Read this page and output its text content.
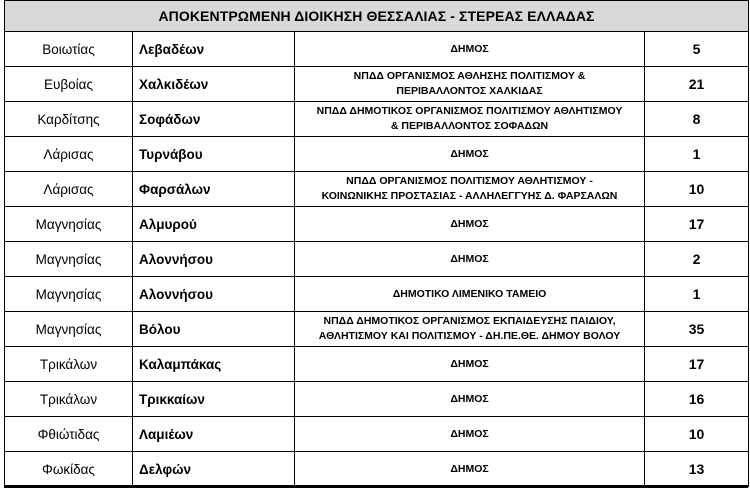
ΑΠΟΚΕΝΤΡΩΜΕΝΗ ΔΙΟΙΚΗΣΗ ΘΕΣΣΑΛΙΑΣ - ΣΤΕΡΕΑΣ ΕΛΛΑΔΑΣ			
Βοιωτίας	Λεβαδέων	ΔΗΜΟΣ	5
Ευβοίας	Χαλκιδέων	ΝΠΔΔ ΟΡΓΑΝΙΣΜΟΣ ΑΘΛΗΣΗΣ ΠΟΛΙΤΙΣΜΟΥ &
ΠΕΡΙΒΑΛΛΟΝΤΟΣ ΧΑΛΚΙΔΑΣ	21
Καρδίτσης	Σοφάδων	ΝΠΔΔ ΔΗΜΟΤΙΚΟΣ ΟΡΓΑΝΙΣΜΟΣ ΠΟΛΙΤΙΣΜΟΥ ΑΘΛΗΤΙΣΜΟΥ
& ΠΕΡΙΒΑΛΛΟΝΤΟΣ ΣΟΦΑΔΩΝ	8
Λάρισας	Τυρνάβου	ΔΗΜΟΣ	1
Λάρισας	Φαρσάλων	ΝΠΔΔ ΟΡΓΑΝΙΣΜΟΣ ΠΟΛΙΤΙΣΜΟΥ ΑΘΛΗΤΙΣΜΟΥ -
ΚΟΙΝΩΝΙΚΗΣ ΠΡΟΣΤΑΣΙΑΣ - ΑΛΛΗΛΕΓΓΥΗΣ Δ. ΦΑΡΣΑΛΩΝ	10
Μαγνησίας	Αλμυρού	ΔΗΜΟΣ	17
Μαγνησίας	Αλοννήσου	ΔΗΜΟΣ	2
Μαγνησίας	Αλοννήσου	ΔΗΜΟΤΙΚΟ ΛΙΜΕΝΙΚΟ ΤΑΜΕΙΟ	1
Μαγνησίας	Βόλου	ΝΠΔΔ ΔΗΜΟΤΙΚΟΣ ΟΡΓΑΝΙΣΜΟΣ ΕΚΠΑΙΔΕΥΣΗΣ ΠΑΙΔΙΟΥ,
ΑΘΛΗΤΙΣΜΟΥ ΚΑΙ ΠΟΛΙΤΙΣΜΟΥ - ΔΗ.ΠΕ.ΘΕ. ΔΗΜΟΥ ΒΟΛΟΥ	35
Τρικάλων	Καλαμπάκας	ΔΗΜΟΣ	17
Τρικάλων	Τρικκαίων	ΔΗΜΟΣ	16
Φθιώτιδας	Λαμιέων	ΔΗΜΟΣ	10
Φωκίδας	Δελφών	ΔΗΜΟΣ	13
